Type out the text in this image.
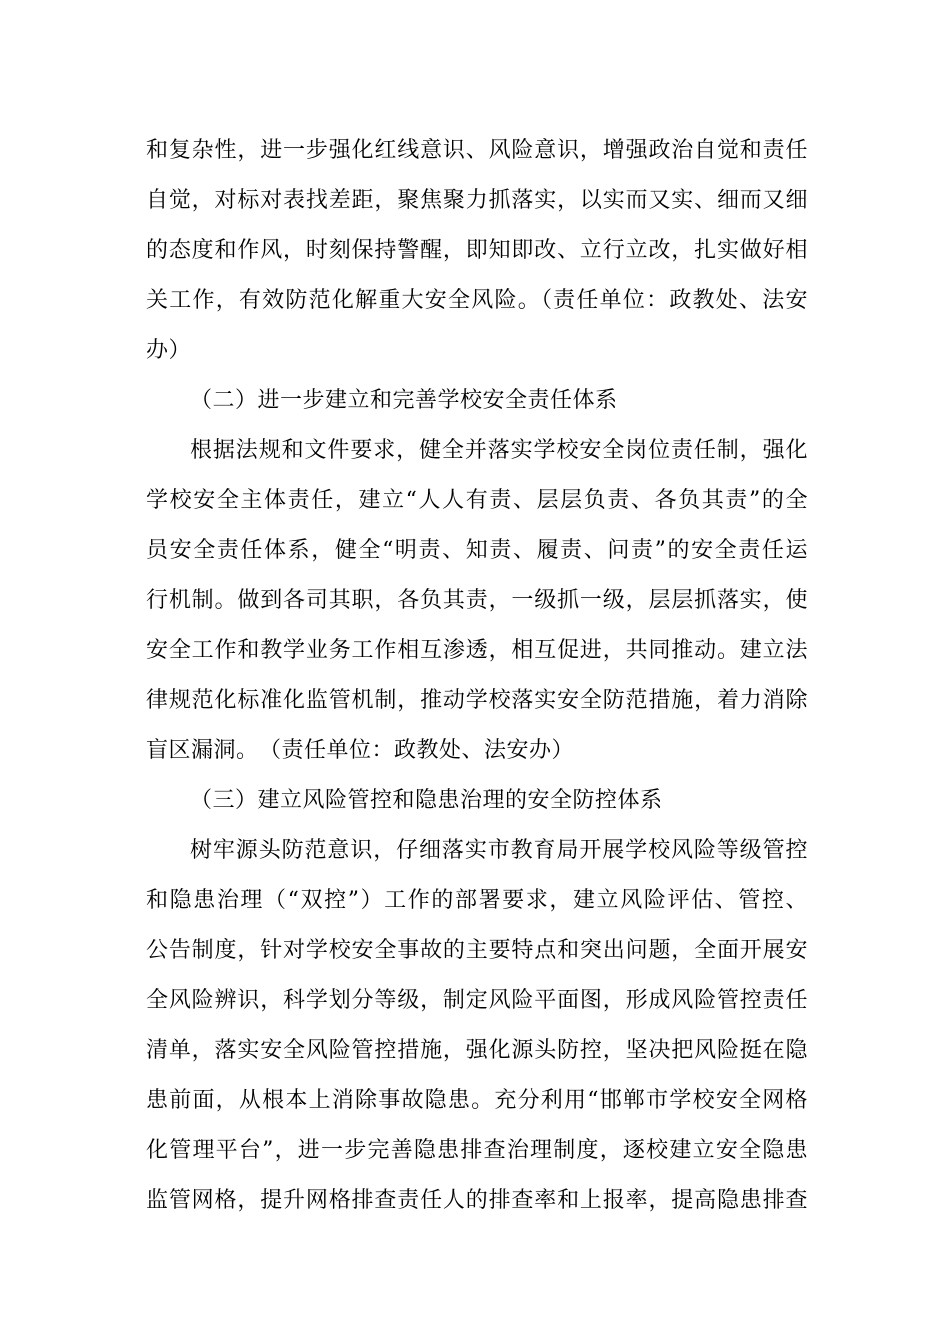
和复杂性，进一步强化红线意识、风险意识，增强政治自觉和责任
自觉，对标对表找差距，聚焦聚力抓落实，以实而又实、细而又细
的态度和作风，时刻保持警醒，即知即改、立行立改，扎实做好相
关工作，有效防范化解重大安全风险。（责任单位：政教处、法安
办）
（二）进一步建立和完善学校安全责任体系
根据法规和文件要求，健全并落实学校安全岗位责任制，强化
学校安全主体责任，建立“人人有责、层层负责、各负其责”的全
员安全责任体系，健全“明责、知责、履责、问责”的安全责任运
行机制。做到各司其职，各负其责，一级抓一级，层层抓落实，使
安全工作和教学业务工作相互渗透，相互促进，共同推动。建立法
律规范化标准化监管机制，推动学校落实安全防范措施，着力消除
盲区漏洞。　（责任单位：政教处、法安办）
（三）建立风险管控和隐患治理的安全防控体系
树牢源头防范意识，仔细落实市教育局开展学校风险等级管控
和隐患治理（“双控”）工作的部署要求，建立风险评估、管控、
公告制度，针对学校安全事故的主要特点和突出问题，全面开展安
全风险辨识，科学划分等级，制定风险平面图，形成风险管控责任
清单，落实安全风险管控措施，强化源头防控，坚决把风险挺在隐
患前面，从根本上消除事故隐患。充分利用“邯郸市学校安全网格
化管理平台”，进一步完善隐患排查治理制度，逐校建立安全隐患
监管网格，提升网格排查责任人的排查率和上报率，提高隐患排查
